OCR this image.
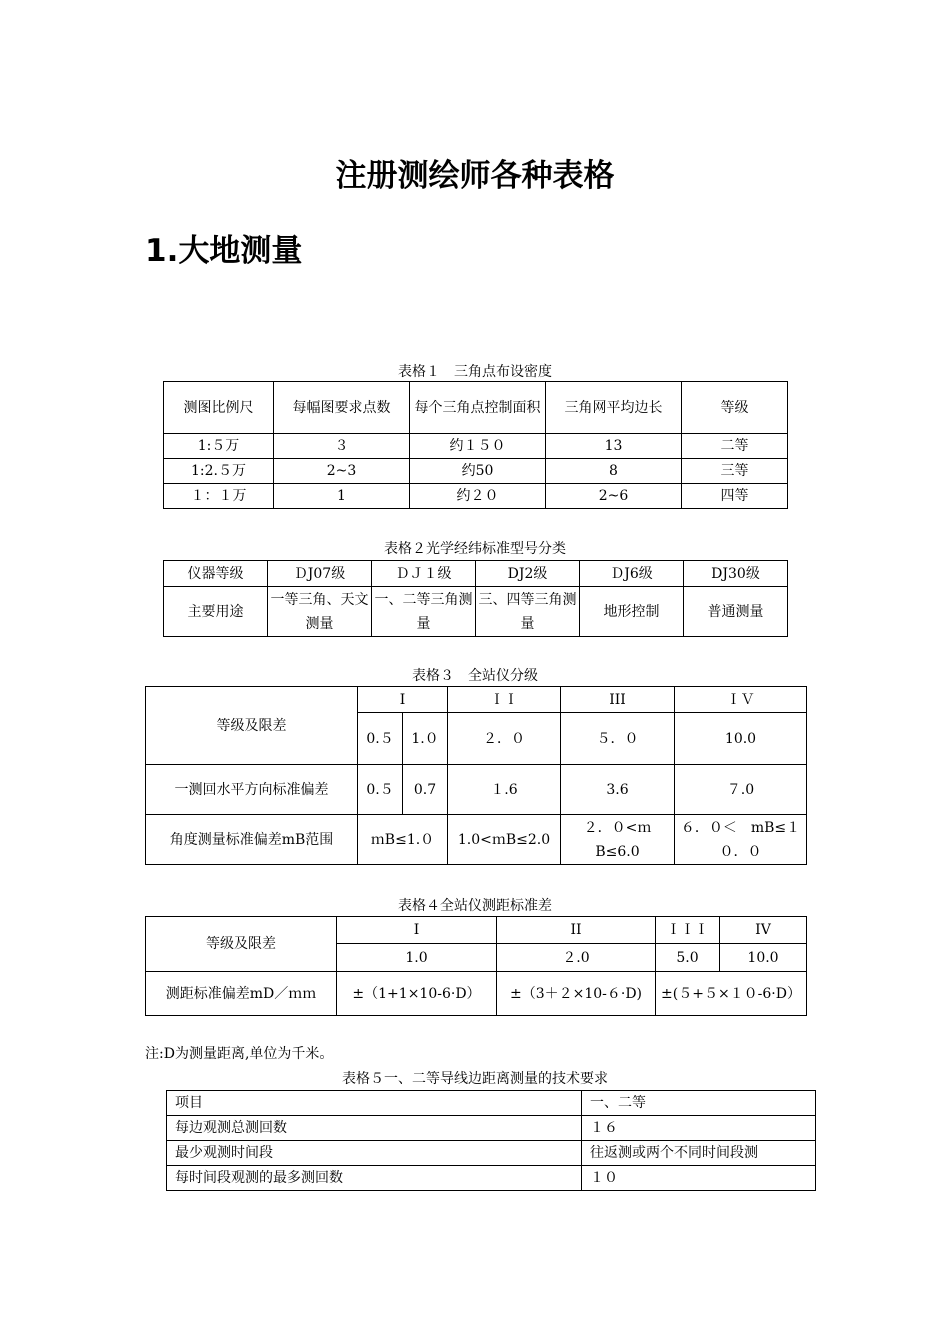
注册测绘师各种表格
1.大地测量
表格１　三角点布设密度
测图比例尺	每幅图要求点数	每个三角点控制面积	三角网平均边长	等级
1:５万	３	约１５０	13	二等
1:2.５万	2~3	约50	8	三等
１：１万	1	约２０	2~6	四等
表格２光学经纬标准型号分类
仪器等级	ＤJ07级	ＤＪ１级	DJ2级	ＤJ6级	DJ30级
主要用途	一等三角、天文测量	一、二等三角测量	三、四等三角测量	地形控制	普通测量
表格３　全站仪分级
等级及限差	I		ＩＩ	III	ＩＶ
	0.５	1.０	２．０	５．０	10.0
一测回水平方向标准偏差	0.５	0.7	１.6	3.6	７.0
角度测量标准偏差mB范围	ｍB≤1.０		1.0<ｍB≤2.0	２．０<ｍB≤6.0	６．０＜　mB≤１０．０
表格４全站仪测距标准差
等级及限差	I	II	ＩＩＩ	IV
	1.0	２.0	5.0	10.0
测距标准偏差mD／ｍｍ	±（1+1×10-6·D）	±（3＋２×10-６·D)	±(５+５×１０-6·D）	
注:D为测量距离,单位为千米。
表格５一、二等导线边距离测量的技术要求
项目	一、二等
每边观测总测回数	１６
最少观测时间段	往返测或两个不同时间段测
每时间段观测的最多测回数	１０
